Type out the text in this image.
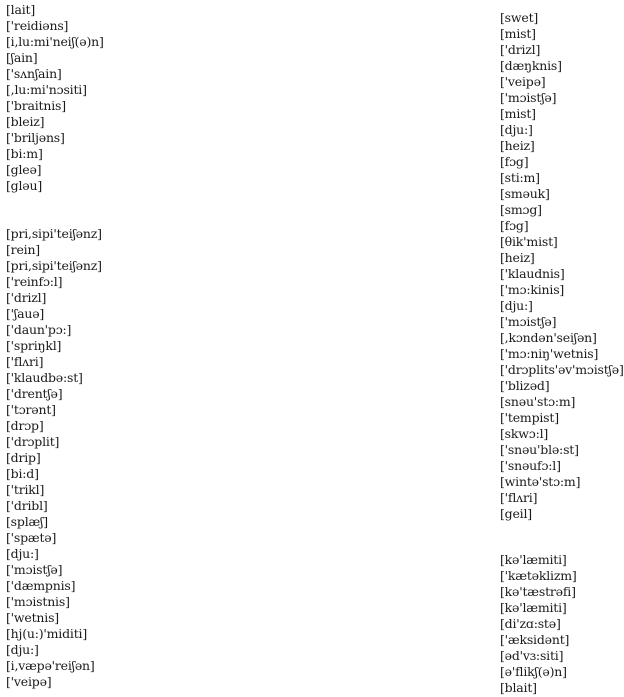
[lait]
['reidiəns]
[i,lu:mi'neiʃ(ə)n]
[ʃain]
['sʌnʃain]
[,lu:mi'nɔsiti]
['braitnis]
[bleiz]
['briljəns]
[bi:m]
[gleə]
[gləu]
[pri,sipi'teiʃənz]
[rein]
[pri,sipi'teiʃənz]
['reinfɔ:l]
['drizl]
['ʃauə]
['daun'pɔ:]
['spriŋkl]
['flʌri]
['klaudbə:st]
['drentʃə]
['tɔrənt]
[drɔp]
['drɔplit]
[drip]
[bi:d]
['trikl]
['dribl]
[splæʃ]
['spætə]
[dju:]
['mɔistʃə]
['dæmpnis]
['mɔistnis]
['wetnis]
[hj(u:)'miditi]
[dju:]
[i,væpə'reiʃən]
['veipə]
[swet]
[mist]
['drizl]
[dæŋknis]
['veipə]
['mɔistʃə]
[mist]
[dju:]
[heiz]
[fɔg]
[sti:m]
[sməuk]
[smɔg]
[fɔg]
[θik'mist]
[heiz]
['klaudnis]
['mɔ:kinis]
[dju:]
['mɔistʃə]
[,kɔndən'seiʃən]
['mɔ:niŋ'wetnis]
['drɔplits'əv'mɔistʃə]
['blizəd]
[snəu'stɔ:m]
['tempist]
[skwɔ:l]
['snəu'blə:st]
['snəufɔ:l]
[wintə'stɔ:m]
['flʌri]
[geil]
[kə'læmiti]
['kætəklizm]
[kə'tæstrəfi]
[kə'læmiti]
[di'zɑ:stə]
['æksidənt]
[əd'vɜ:siti]
[ə'flikʃ(ə)n]
[blait]
